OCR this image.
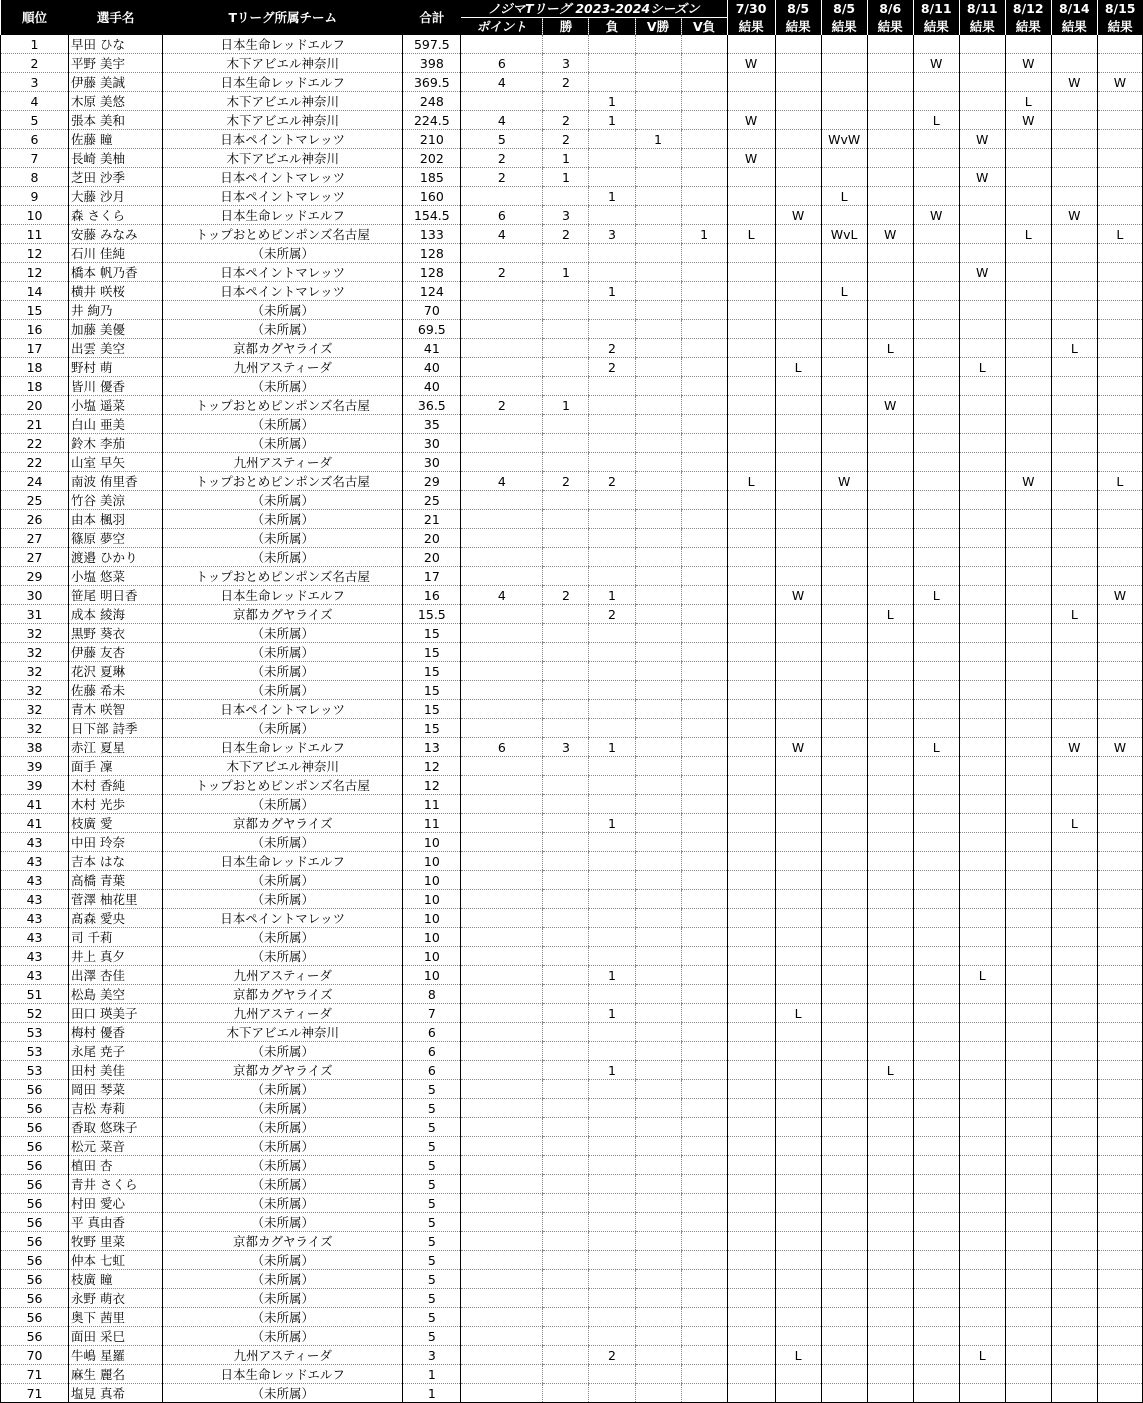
順位	選手名	Tリーグ所属チーム	合計	ノジマTリーグ 2023-2024シーズン					7/30	8/5	8/5	8/6	8/11	8/11	8/12	8/14	8/15
				ポイント	勝	負	V勝	V負	結果	結果	結果	結果	結果	結果	結果	結果	結果
1	早田 ひな	日本生命レッドエルフ	597.5														
2	平野 美宇	木下アビエル神奈川	398	6	3				W				W		W		
3	伊藤 美誠	日本生命レッドエルフ	369.5	4	2											W	W
4	木原 美悠	木下アビエル神奈川	248			1									L		
5	張本 美和	木下アビエル神奈川	224.5	4	2	1			W				L		W		
6	佐藤 瞳	日本ペイントマレッツ	210	5	2		1				WvW			W			
7	長崎 美柚	木下アビエル神奈川	202	2	1				W								
8	芝田 沙季	日本ペイントマレッツ	185	2	1									W			
9	大藤 沙月	日本ペイントマレッツ	160			1					L						
10	森 さくら	日本生命レッドエルフ	154.5	6	3					W			W			W	
11	安藤 みなみ	トップおとめピンポンズ名古屋	133	4	2	3		1	L		WvL	W			L		L
12	石川 佳純	（未所属）	128														
12	橋本 帆乃香	日本ペイントマレッツ	128	2	1									W			
14	横井 咲桜	日本ペイントマレッツ	124			1					L						
15	井 絢乃	（未所属）	70														
16	加藤 美優	（未所属）	69.5														
17	出雲 美空	京都カグヤライズ	41			2						L				L	
18	野村 萌	九州アスティーダ	40			2				L				L			
18	皆川 優香	（未所属）	40														
20	小塩 遥菜	トップおとめピンポンズ名古屋	36.5	2	1							W					
21	白山 亜美	（未所属）	35														
22	鈴木 李茄	（未所属）	30														
22	山室 早矢	九州アスティーダ	30														
24	南波 侑里香	トップおとめピンポンズ名古屋	29	4	2	2			L		W				W		L
25	竹谷 美涼	（未所属）	25														
26	由本 楓羽	（未所属）	21														
27	篠原 夢空	（未所属）	20														
27	渡邉 ひかり	（未所属）	20														
29	小塩 悠菜	トップおとめピンポンズ名古屋	17														
30	笹尾 明日香	日本生命レッドエルフ	16	4	2	1				W			L				W
31	成本 綾海	京都カグヤライズ	15.5			2						L				L	
32	黒野 葵衣	（未所属）	15														
32	伊藤 友杏	（未所属）	15														
32	花沢 夏琳	（未所属）	15														
32	佐藤 希未	（未所属）	15														
32	青木 咲智	日本ペイントマレッツ	15														
32	日下部 詩季	（未所属）	15														
38	赤江 夏星	日本生命レッドエルフ	13	6	3	1				W			L			W	W
39	面手 凜	木下アビエル神奈川	12														
39	木村 香純	トップおとめピンポンズ名古屋	12														
41	木村 光歩	（未所属）	11														
41	枝廣 愛	京都カグヤライズ	11			1										L	
43	中田 玲奈	（未所属）	10														
43	吉本 はな	日本生命レッドエルフ	10														
43	高橋 青葉	（未所属）	10														
43	菅澤 柚花里	（未所属）	10														
43	髙森 愛央	日本ペイントマレッツ	10														
43	司 千莉	（未所属）	10														
43	井上 真夕	（未所属）	10														
43	出澤 杏佳	九州アスティーダ	10			1								L			
51	松島 美空	京都カグヤライズ	8														
52	田口 瑛美子	九州アスティーダ	7			1				L							
53	梅村 優香	木下アビエル神奈川	6														
53	永尾 尭子	（未所属）	6														
53	田村 美佳	京都カグヤライズ	6			1						L					
56	岡田 琴菜	（未所属）	5														
56	吉松 寿莉	（未所属）	5														
56	香取 悠珠子	（未所属）	5														
56	松元 菜音	（未所属）	5														
56	植田 杏	（未所属）	5														
56	青井 さくら	（未所属）	5														
56	村田 愛心	（未所属）	5														
56	平 真由香	（未所属）	5														
56	牧野 里菜	京都カグヤライズ	5														
56	仲本 七虹	（未所属）	5														
56	枝廣 瞳	（未所属）	5														
56	永野 萌衣	（未所属）	5														
56	奥下 茜里	（未所属）	5														
56	面田 采巳	（未所属）	5														
70	牛嶋 星羅	九州アスティーダ	3			2				L				L			
71	麻生 麗名	日本生命レッドエルフ	1														
71	塩見 真希	（未所属）	1														
